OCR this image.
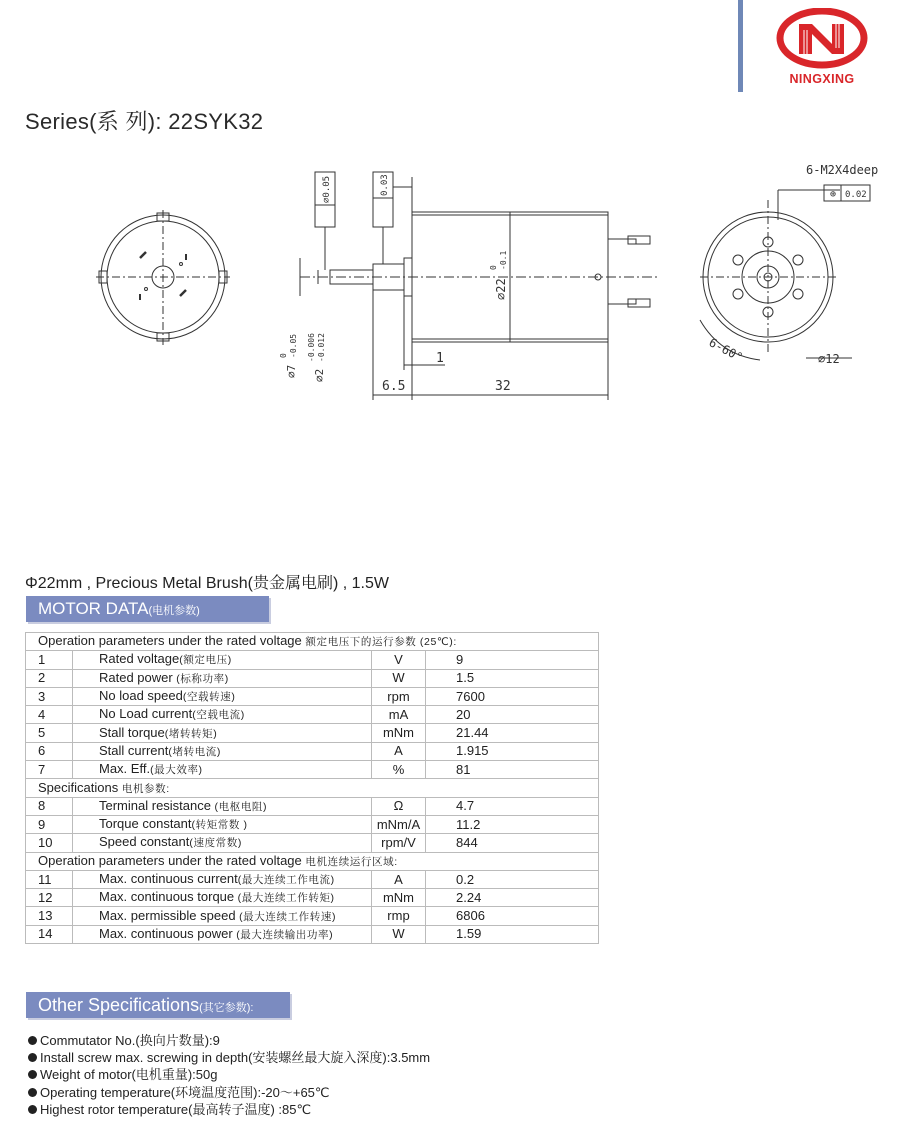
NINGXING
Series(系 列): 22SYK32
1
6.5	32
⌀22
0 -0.1
⌀7
0 -0.05
⌀2
-0.006 -0.012
⌀0.05	0.03
6-M2X4deep
0.02
⊕
⌀12
6-60°
Φ22mm , Precious Metal Brush(贵金属电刷) , 1.5W
MOTOR DATA(电机参数)
Operation parameters under the rated voltage 额定电压下的运行参数 (25℃):			
1	Rated voltage(额定电压)	V	9
2	Rated power (标称功率)	W	1.5
3	No load speed(空载转速)	rpm	7600
4	No Load current(空载电流)	mA	20
5	Stall torque(堵转转矩)	mNm	21.44
6	Stall current(堵转电流)	A	1.915
7	Max. Eff.(最大效率)	%	81
Specifications 电机参数:			
8	Terminal resistance (电枢电阻)	Ω	4.7
9	Torque constant(转矩常数 )	mNm/A	11.2
10	Speed constant(速度常数)	rpm/V	844
Operation parameters under the rated voltage 电机连续运行区域:			
11	Max. continuous current(最大连续工作电流)	A	0.2
12	Max. continuous torque (最大连续工作转矩)	mNm	2.24
13	Max. permissible speed (最大连续工作转速)	rmp	6806
14	Max. continuous power (最大连续输出功率)	W	1.59
Other Specifications(其它参数):
Commutator No.(换向片数量):9
Install screw max. screwing in depth(安装螺丝最大旋入深度):3.5mm
Weight of motor(电机重量):50g
Operating temperature(环境温度范围):-20～+65℃
Highest rotor temperature(最高转子温度) :85℃
